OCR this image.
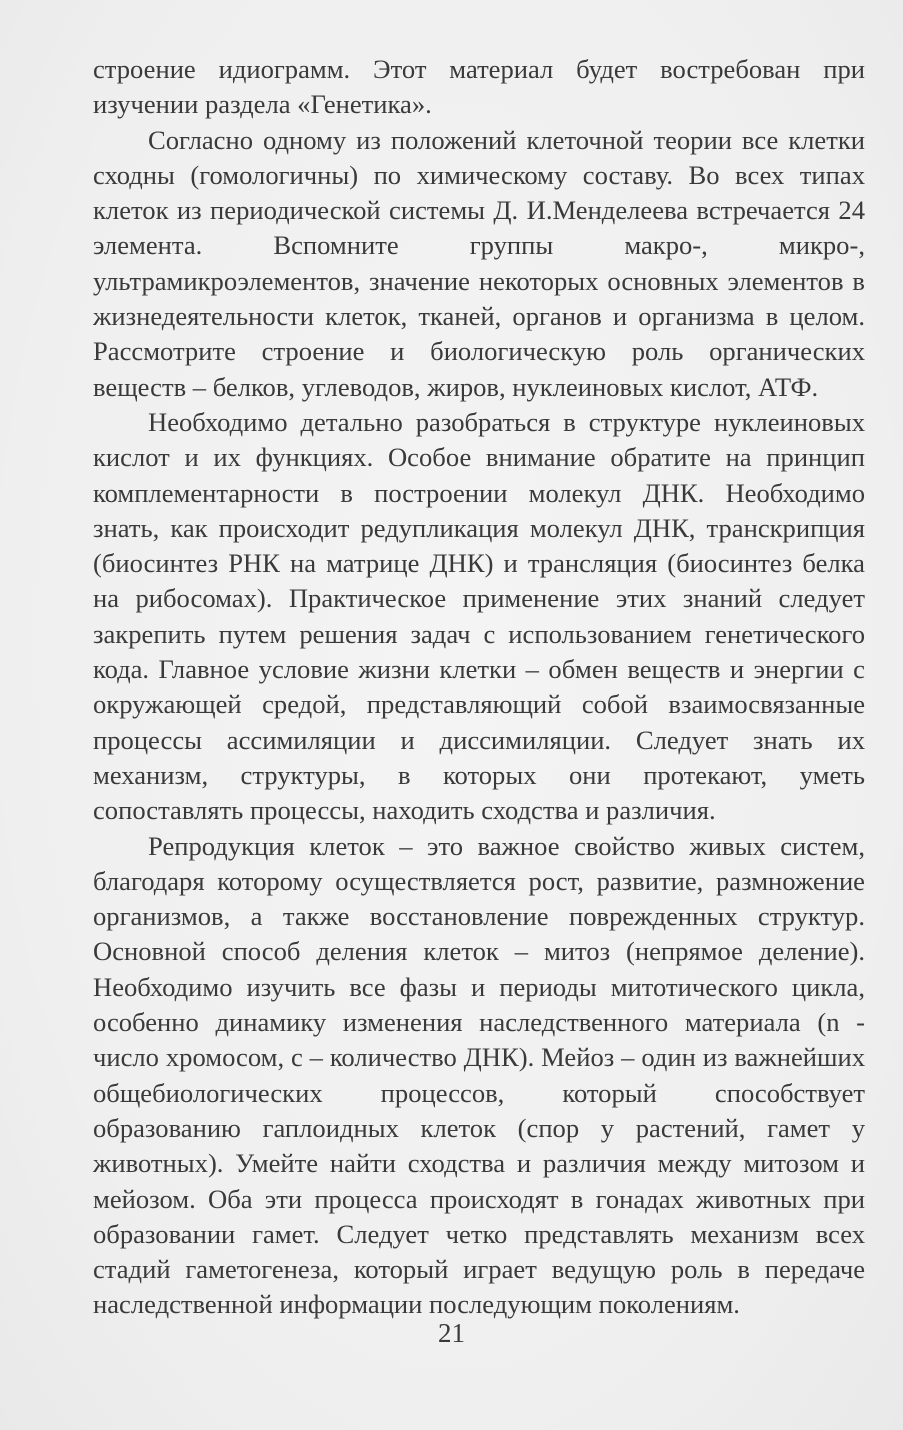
строение идиограмм. Этот материал будет востребован при изучении раздела «Генетика».

Согласно одному из положений клеточной теории все клетки сходны (гомологичны) по химическому составу. Во всех типах клеток из периодической системы Д. И.Менделеева встречается 24 элемента. Вспомните группы макро-, микро-, ультрамикроэлементов, значение некоторых основных элементов в жизнедеятельности клеток, тканей, органов и организма в целом. Рассмотрите строение и биологическую роль органических веществ – белков, углеводов, жиров, нуклеиновых кислот, АТФ.

Необходимо детально разобраться в структуре нуклеиновых кислот и их функциях. Особое внимание обратите на принцип комплементарности в построении молекул ДНК. Необходимо знать, как происходит редупликация молекул ДНК, транскрипция (биосинтез РНК на матрице ДНК) и трансляция (биосинтез белка на рибосомах). Практическое применение этих знаний следует закрепить путем решения задач с использованием генетического кода. Главное условие жизни клетки – обмен веществ и энергии с окружающей средой, представляющий собой взаимосвязанные процессы ассимиляции и диссимиляции. Следует знать их механизм, структуры, в которых они протекают, уметь сопоставлять процессы, находить сходства и различия.

Репродукция клеток – это важное свойство живых систем, благодаря которому осуществляется рост, развитие, размножение организмов, а также восстановление поврежденных структур. Основной способ деления клеток – митоз (непрямое деление). Необходимо изучить все фазы и периоды митотического цикла, особенно динамику изменения наследственного материала (n - число хромосом, с – количество ДНК). Мейоз – один из важнейших общебиологических процессов, который способствует образованию гаплоидных клеток (спор у растений, гамет у животных). Умейте найти сходства и различия между митозом и мейозом. Оба эти процесса происходят в гонадах животных при образовании гамет. Следует четко представлять механизм всех стадий гаметогенеза, который играет ведущую роль в передаче наследственной информации последующим поколениям.

21
